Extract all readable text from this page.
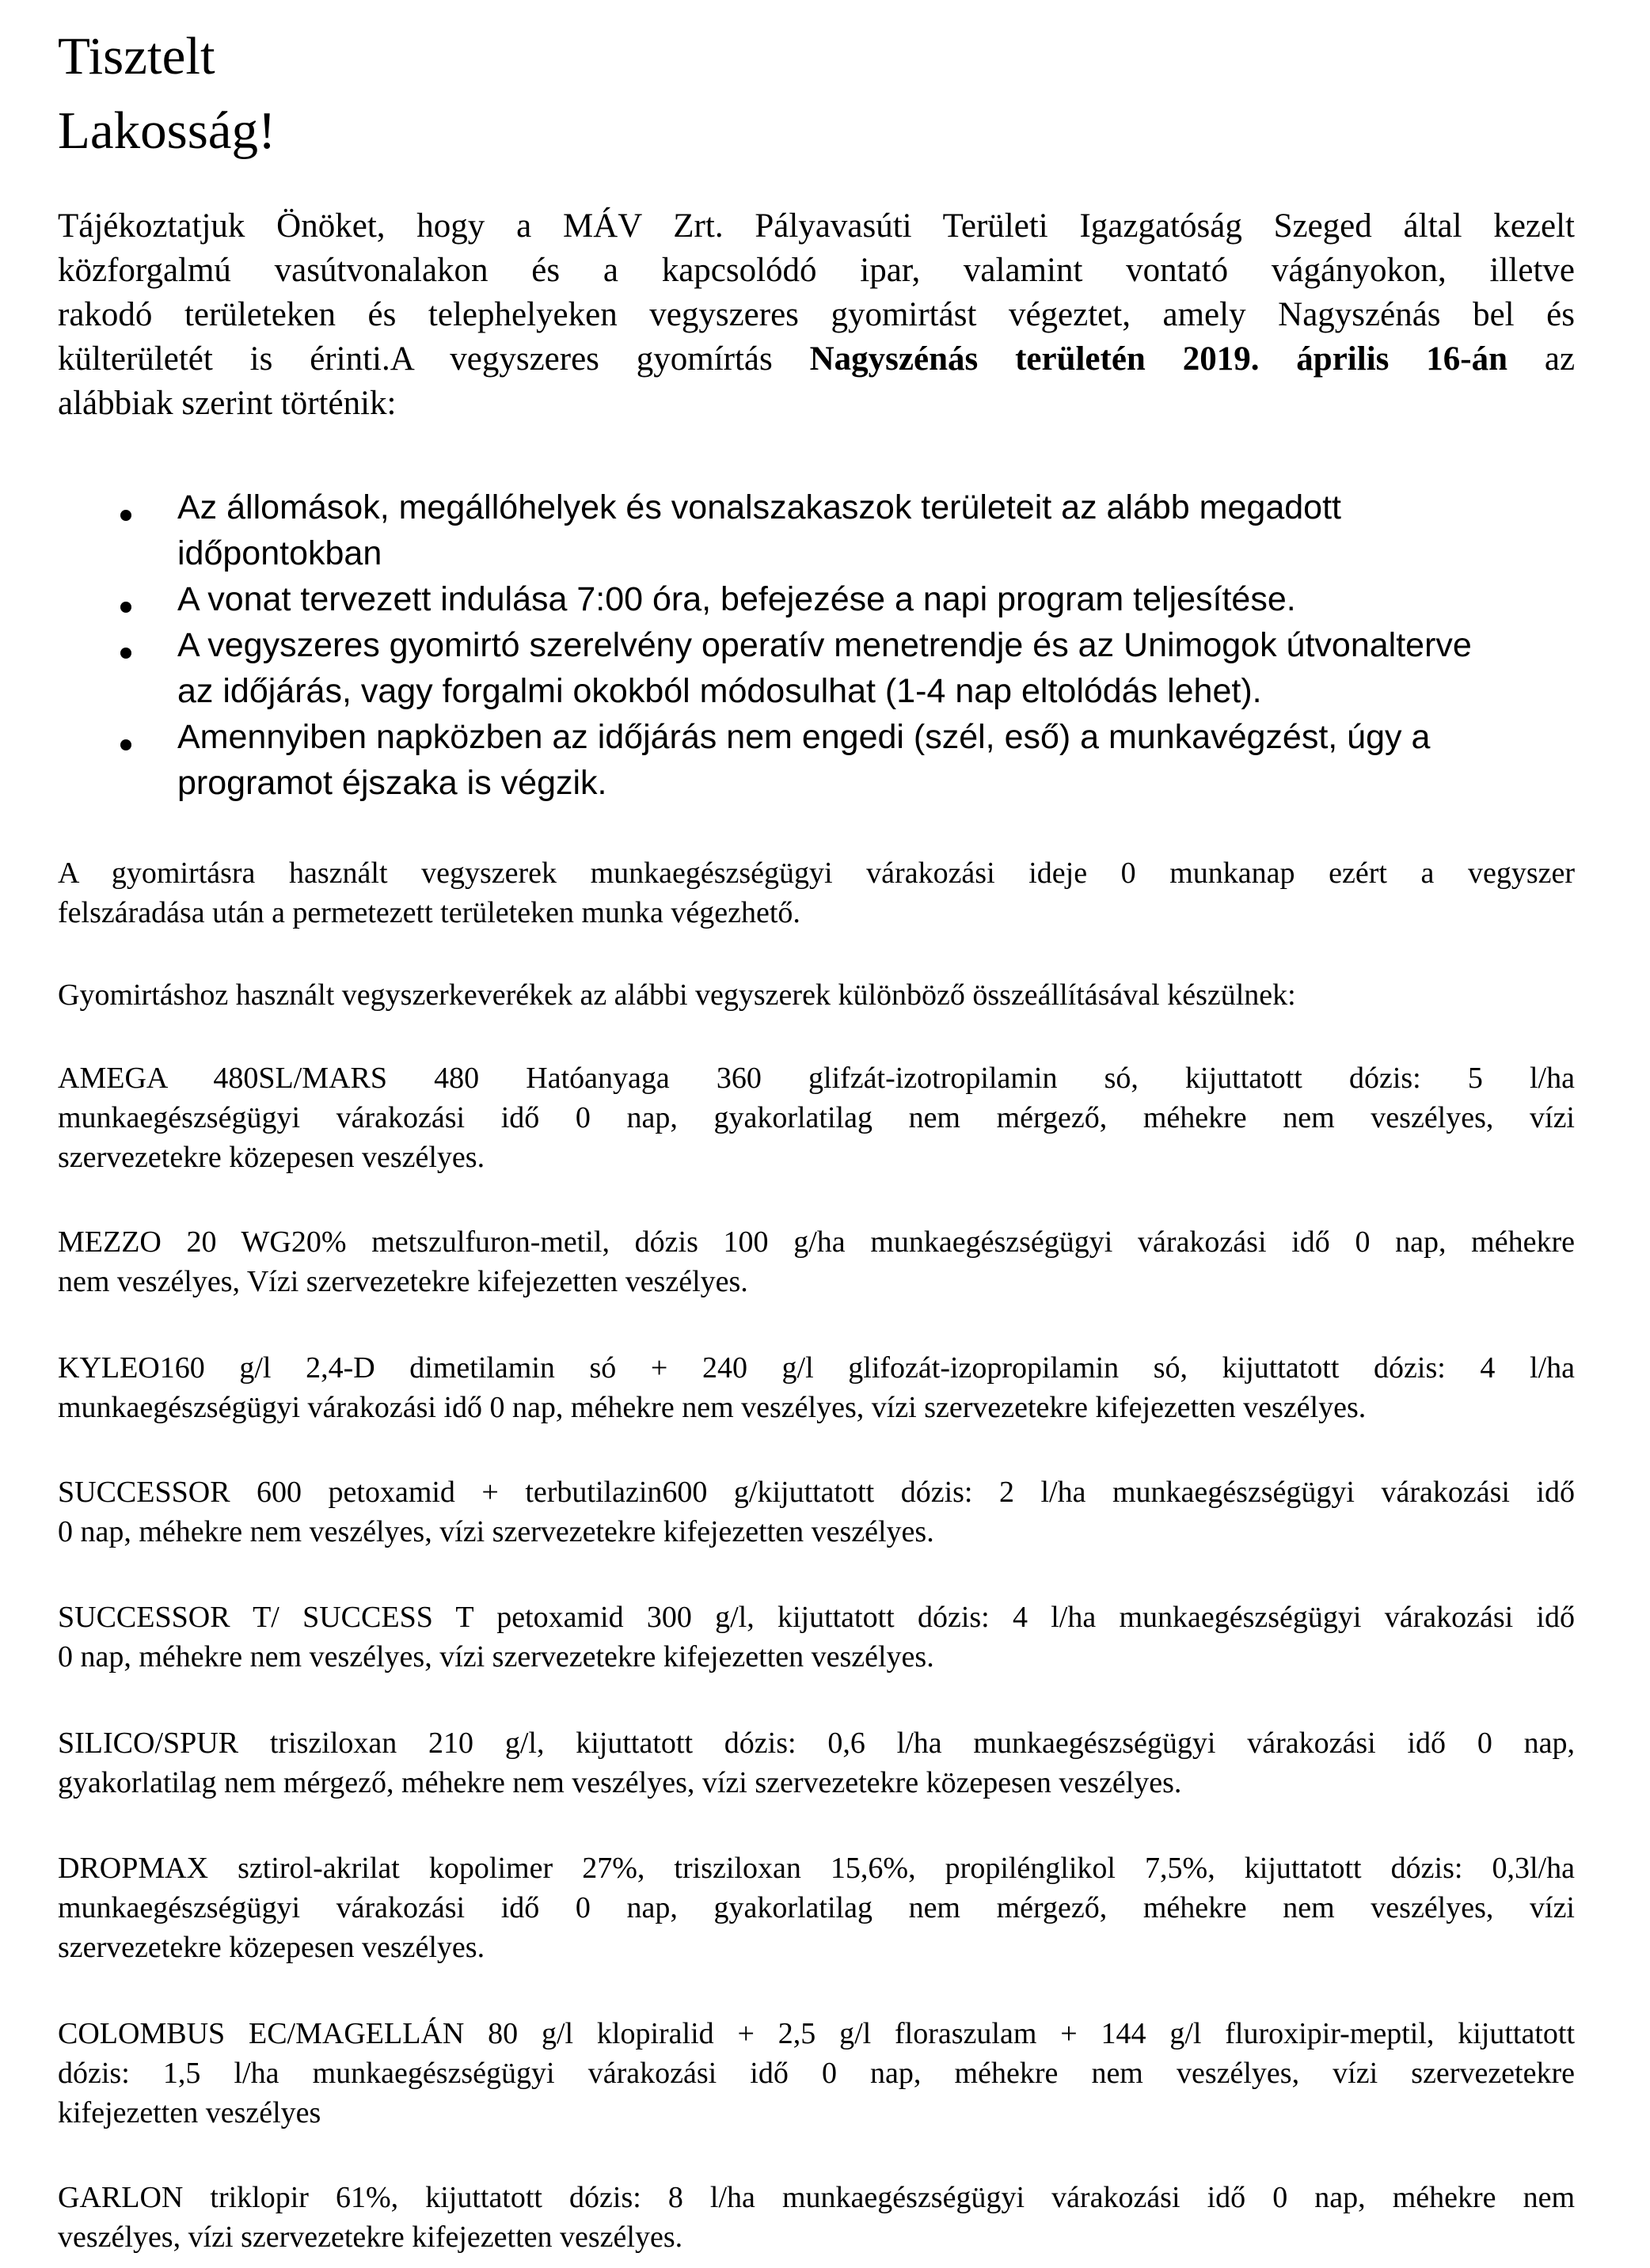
Tisztelt
Lakosság!
Tájékoztatjuk Önöket, hogy a MÁV Zrt. Pályavasúti Területi Igazgatóság Szeged által kezelt
közforgalmú vasútvonalakon és a kapcsolódó ipar, valamint vontató vágányokon, illetve
rakodó területeken és telephelyeken vegyszeres gyomirtást végeztet, amely Nagyszénás bel és
külterületét is érinti.A vegyszeres gyomírtás Nagyszénás területén 2019. április 16-án az
alábbiak szerint történik:
Az állomások, megállóhelyek és vonalszakaszok területeit az alább megadott
időpontokban
A vonat tervezett indulása 7:00 óra, befejezése a napi program teljesítése.
A vegyszeres gyomirtó szerelvény operatív menetrendje és az Unimogok útvonalterve
az időjárás, vagy forgalmi okokból módosulhat (1-4 nap eltolódás lehet).
Amennyiben napközben az időjárás nem engedi (szél, eső) a munkavégzést, úgy a
programot éjszaka is végzik.
A gyomirtásra használt vegyszerek munkaegészségügyi várakozási ideje 0 munkanap ezért a vegyszer
felszáradása után a permetezett területeken munka végezhető.
Gyomirtáshoz használt vegyszerkeverékek az alábbi vegyszerek különböző összeállításával készülnek:
AMEGA 480SL/MARS 480 Hatóanyaga 360 glifzát-izotropilamin só, kijuttatott dózis: 5 l/ha
munkaegészségügyi várakozási idő 0 nap, gyakorlatilag nem mérgező, méhekre nem veszélyes, vízi
szervezetekre közepesen veszélyes.
MEZZO 20 WG20% metszulfuron-metil, dózis 100 g/ha munkaegészségügyi várakozási idő 0 nap, méhekre
nem veszélyes, Vízi szervezetekre kifejezetten veszélyes.
KYLEO160 g/l 2,4-D dimetilamin só + 240 g/l glifozát-izopropilamin só, kijuttatott dózis: 4 l/ha
munkaegészségügyi várakozási idő 0 nap, méhekre nem veszélyes, vízi szervezetekre kifejezetten veszélyes.
SUCCESSOR 600 petoxamid + terbutilazin600 g/kijuttatott dózis: 2 l/ha munkaegészségügyi várakozási idő
0 nap, méhekre nem veszélyes, vízi szervezetekre kifejezetten veszélyes.
SUCCESSOR T/ SUCCESS T petoxamid 300 g/l, kijuttatott dózis: 4 l/ha munkaegészségügyi várakozási idő
0 nap, méhekre nem veszélyes, vízi szervezetekre kifejezetten veszélyes.
SILICO/SPUR trisziloxan 210 g/l, kijuttatott dózis: 0,6 l/ha munkaegészségügyi várakozási idő 0 nap,
gyakorlatilag nem mérgező, méhekre nem veszélyes, vízi szervezetekre közepesen veszélyes.
DROPMAX sztirol-akrilat kopolimer 27%, trisziloxan 15,6%, propilénglikol 7,5%, kijuttatott dózis: 0,3l/ha
munkaegészségügyi várakozási idő 0 nap, gyakorlatilag nem mérgező, méhekre nem veszélyes, vízi
szervezetekre közepesen veszélyes.
COLOMBUS EC/MAGELLÁN 80 g/l klopiralid + 2,5 g/l floraszulam + 144 g/l fluroxipir-meptil, kijuttatott
dózis: 1,5 l/ha munkaegészségügyi várakozási idő 0 nap, méhekre nem veszélyes, vízi szervezetekre
kifejezetten veszélyes
GARLON triklopir 61%, kijuttatott dózis: 8 l/ha munkaegészségügyi várakozási idő 0 nap, méhekre nem
veszélyes, vízi szervezetekre kifejezetten veszélyes.
